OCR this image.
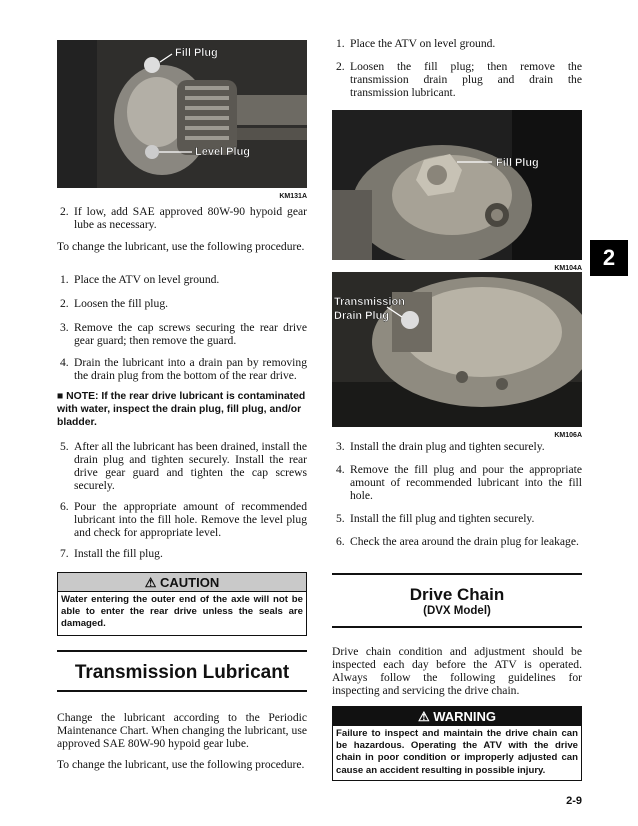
Fill Plug
Level Plug
KM131A
2. If low, add SAE approved 80W-90 hypoid gear lube as necessary.
To change the lubricant, use the following procedure.
1. Place the ATV on level ground.
2. Loosen the fill plug.
3. Remove the cap screws securing the rear drive gear guard; then remove the guard.
4. Drain the lubricant into a drain pan by removing the drain plug from the bottom of the rear drive.
■ NOTE: If the rear drive lubricant is contaminated with water, inspect the drain plug, fill plug, and/or bladder.
5. After all the lubricant has been drained, install the drain plug and tighten securely. Install the rear drive gear guard and tighten the cap screws securely.
6. Pour the appropriate amount of recommended lubricant into the fill hole. Remove the level plug and check for appropriate level.
7. Install the fill plug.
⚠ CAUTION
Water entering the outer end of the axle will not be able to enter the rear drive unless the seals are damaged.
Transmission Lubricant
Change the lubricant according to the Periodic Maintenance Chart. When changing the lubricant, use approved SAE 80W-90 hypoid gear lube.
To change the lubricant, use the following procedure.
1. Place the ATV on level ground.
2. Loosen the fill plug; then remove the transmission drain plug and drain the transmission lubricant.
Fill Plug
KM104A
Transmission
Drain Plug
KM106A
3. Install the drain plug and tighten securely.
4. Remove the fill plug and pour the appropriate amount of recommended lubricant into the fill hole.
5. Install the fill plug and tighten securely.
6. Check the area around the drain plug for leakage.
Drive Chain
(DVX Model)
Drive chain condition and adjustment should be inspected each day before the ATV is operated. Always follow the following guidelines for inspecting and servicing the drive chain.
⚠ WARNING
Failure to inspect and maintain the drive chain can be hazardous. Operating the ATV with the drive chain in poor condition or improperly adjusted can cause an accident resulting in possible injury.
2
2-9
